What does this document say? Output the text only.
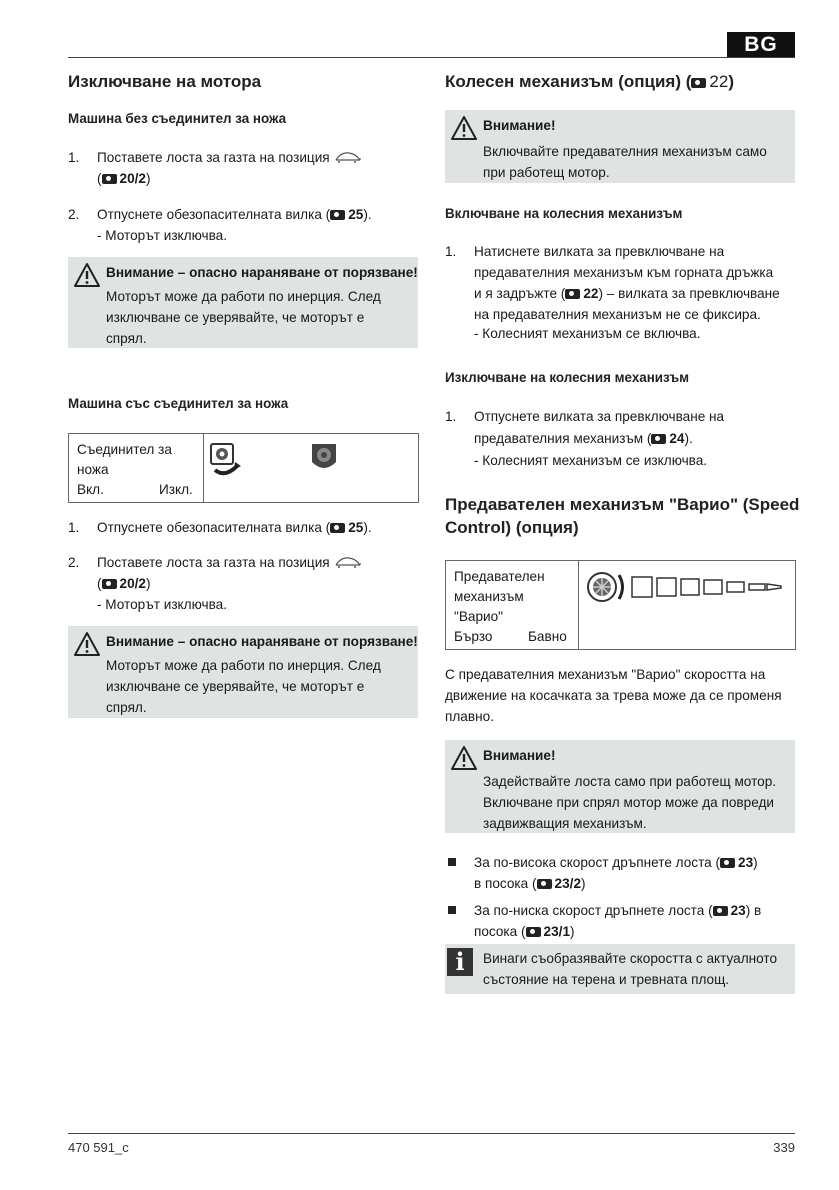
BG
470 591_c	339
Изключване на мотора
Машина без съединител за ножа
1. Поставете лоста за газта на позиция
( 20/2)
2. Отпуснете обезопасителната вилка ( 25).
- Моторът изключва.
Внимание – опасно нараняване от порязване!
Моторът може да работи по инерция. След
изключване се уверявайте, че моторът е
спрял.
Машина със съединител за ножа
Съединител за
ножа
Вкл.	Изкл.
1. Отпуснете обезопасителната вилка ( 25).
2. Поставете лоста за газта на позиция
( 20/2)
- Моторът изключва.
Внимание – опасно нараняване от порязване!
Моторът може да работи по инерция. След
изключване се уверявайте, че моторът е
спрял.
Колесен механизъм (опция) ( 22)
Внимание!
Включвайте предавателния механизъм само
при работещ мотор.
Включване на колесния механизъм
1. Натиснете вилката за превключване на
предавателния механизъм към горната дръжка
и я задръжте ( 22) – вилката за превключване
на предавателния механизъм не се фиксира.
- Колесният механизъм се включва.
Изключване на колесния механизъм
1. Отпуснете вилката за превключване на
предавателния механизъм ( 24).
- Колесният механизъм се изключва.
Предавателен механизъм "Варио" (Speed
Control) (опция)
Предавателен
механизъм
"Варио"
Бързо	Бавно
С предавателния механизъм "Варио" скоростта на
движение на косачката за трева може да се променя
плавно.
Внимание!
Задействайте лоста само при работещ мотор.
Включване при спрял мотор може да повреди
задвижващия механизъм.
За по-висока скорост дръпнете лоста ( 23)
в посока ( 23/2)
За по-ниска скорост дръпнете лоста ( 23) в
посока ( 23/1)
i	Винаги съобразявайте скоростта с актуалното
състояние на терена и тревната площ.
